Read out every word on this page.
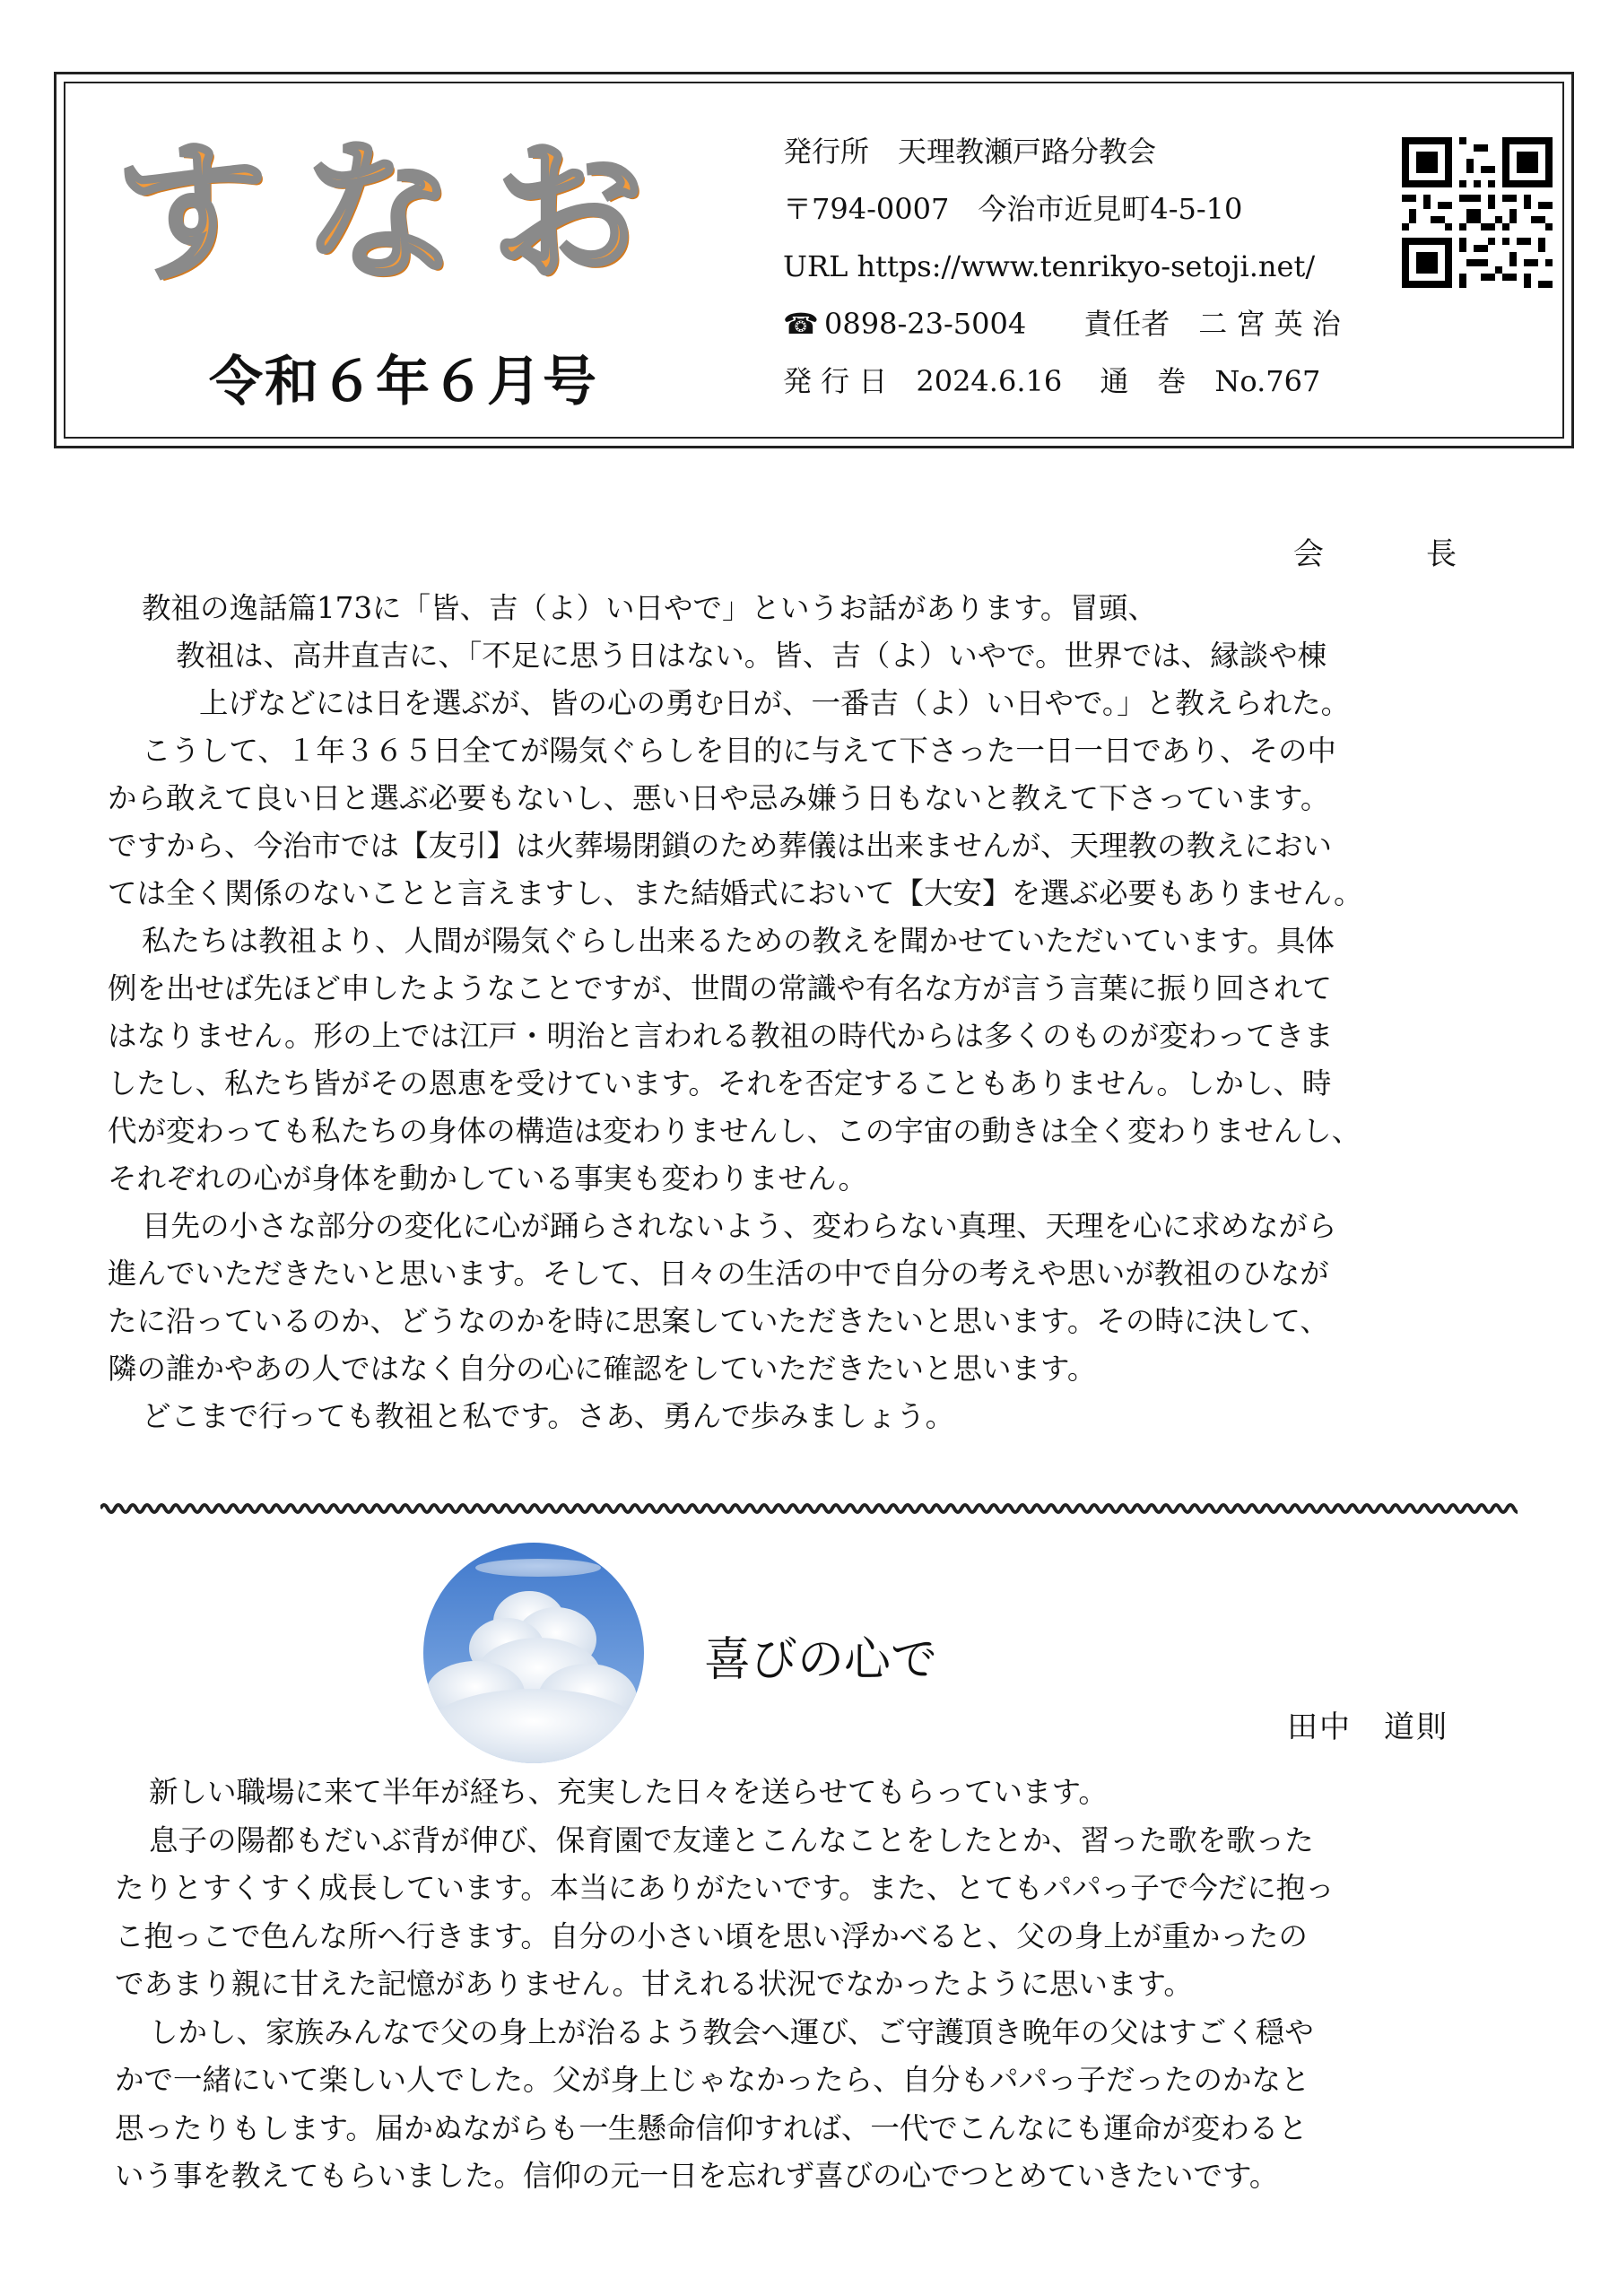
すなお
令和６年６月号
発行所　天理教瀬戸路分教会
〒794-0007　今治市近見町4-5-10
URL https://www.tenrikyo-setoji.net/
☎ 0898-23-5004　　責任者　二 宮 英 治
発 行 日　2024.6.16　 通　巻　No.767
会　長

教祖の逸話篇173に「皆、吉（よ）い日やで」というお話があります。冒頭、

教祖は、高井直吉に、「不足に思う日はない。皆、吉（よ）いやで。世界では、縁談や棟

上げなどには日を選ぶが、皆の心の勇む日が、一番吉（よ）い日やで。」と教えられた。

こうして、１年３６５日全てが陽気ぐらしを目的に与えて下さった一日一日であり、その中

から敢えて良い日と選ぶ必要もないし、悪い日や忌み嫌う日もないと教えて下さっています。

ですから、今治市では【友引】は火葬場閉鎖のため葬儀は出来ませんが、天理教の教えにおい

ては全く関係のないことと言えますし、また結婚式において【大安】を選ぶ必要もありません。

私たちは教祖より、人間が陽気ぐらし出来るための教えを聞かせていただいています。具体

例を出せば先ほど申したようなことですが、世間の常識や有名な方が言う言葉に振り回されて

はなりません。形の上では江戸・明治と言われる教祖の時代からは多くのものが変わってきま

したし、私たち皆がその恩恵を受けています。それを否定することもありません。しかし、時

代が変わっても私たちの身体の構造は変わりませんし、この宇宙の動きは全く変わりませんし、

それぞれの心が身体を動かしている事実も変わりません。

目先の小さな部分の変化に心が踊らされないよう、変わらない真理、天理を心に求めながら

進んでいただきたいと思います。そして、日々の生活の中で自分の考えや思いが教祖のひなが

たに沿っているのか、どうなのかを時に思案していただきたいと思います。その時に決して、

隣の誰かやあの人ではなく自分の心に確認をしていただきたいと思います。

どこまで行っても教祖と私です。さあ、勇んで歩みましょう。

喜びの心で
田中　道則

新しい職場に来て半年が経ち、充実した日々を送らせてもらっています。

息子の陽都もだいぶ背が伸び、保育園で友達とこんなことをしたとか、習った歌を歌った

たりとすくすく成長しています。本当にありがたいです。また、とてもパパっ子で今だに抱っ

こ抱っこで色んな所へ行きます。自分の小さい頃を思い浮かべると、父の身上が重かったの

であまり親に甘えた記憶がありません。甘えれる状況でなかったように思います。

しかし、家族みんなで父の身上が治るよう教会へ運び、ご守護頂き晩年の父はすごく穏や

かで一緒にいて楽しい人でした。父が身上じゃなかったら、自分もパパっ子だったのかなと

思ったりもします。届かぬながらも一生懸命信仰すれば、一代でこんなにも運命が変わると

いう事を教えてもらいました。信仰の元一日を忘れず喜びの心でつとめていきたいです。
